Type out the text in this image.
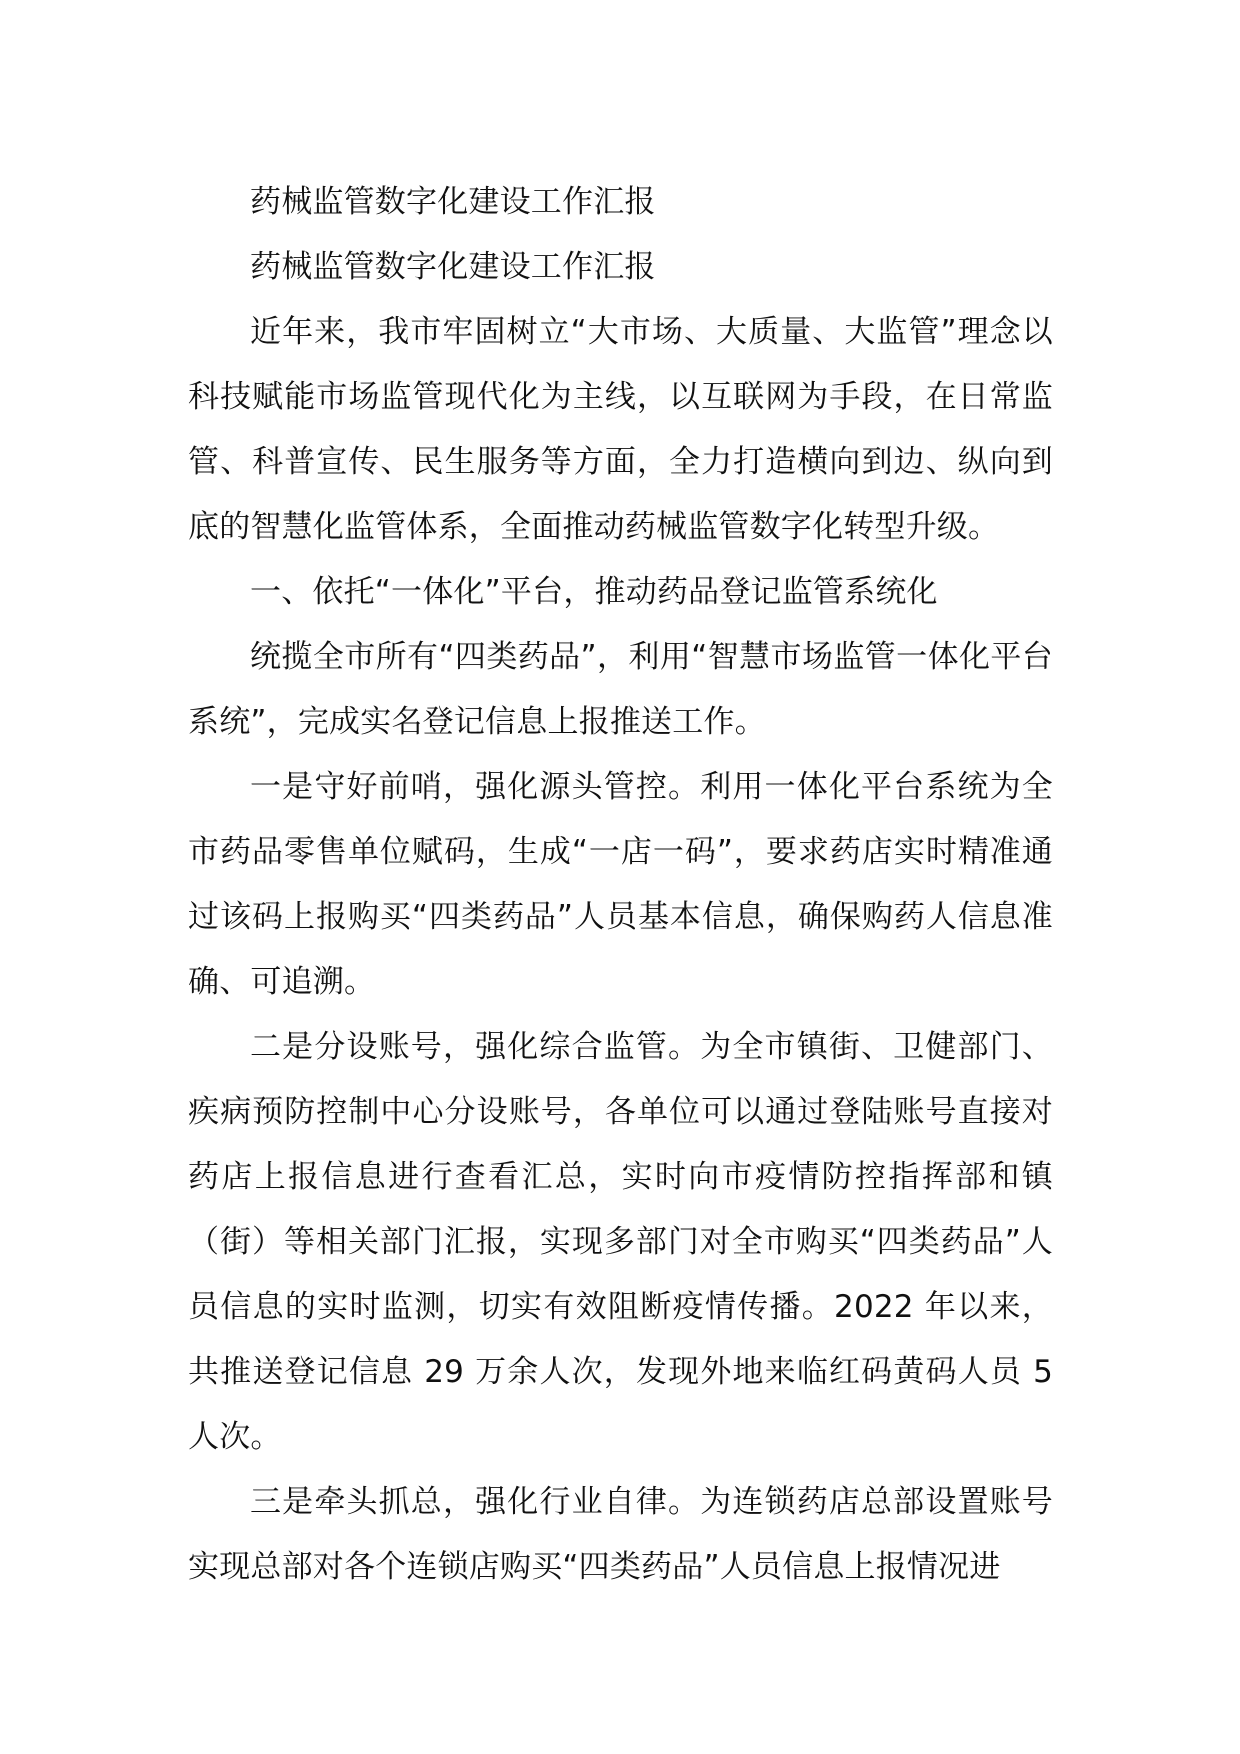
药械监管数字化建设工作汇报

药械监管数字化建设工作汇报

近年来，我市牢固树立“大市场、大质量、大监管”理念以科技赋能市场监管现代化为主线，以互联网为手段，在日常监管、科普宣传、民生服务等方面，全力打造横向到边、纵向到底的智慧化监管体系，全面推动药械监管数字化转型升级。

一、依托“一体化”平台，推动药品登记监管系统化

统揽全市所有“四类药品”，利用“智慧市场监管一体化平台系统”，完成实名登记信息上报推送工作。

一是守好前哨，强化源头管控。利用一体化平台系统为全市药品零售单位赋码，生成“一店一码”，要求药店实时精准通过该码上报购买“四类药品”人员基本信息，确保购药人信息准确、可追溯。

二是分设账号，强化综合监管。为全市镇街、卫健部门、疾病预防控制中心分设账号，各单位可以通过登陆账号直接对药店上报信息进行查看汇总，实时向市疫情防控指挥部和镇（街）等相关部门汇报，实现多部门对全市购买“四类药品”人员信息的实时监测，切实有效阻断疫情传播。2022 年以来，共推送登记信息 29 万余人次，发现外地来临红码黄码人员 5 人次。

三是牵头抓总，强化行业自律。为连锁药店总部设置账号实现总部对各个连锁店购买“四类药品”人员信息上报情况进
